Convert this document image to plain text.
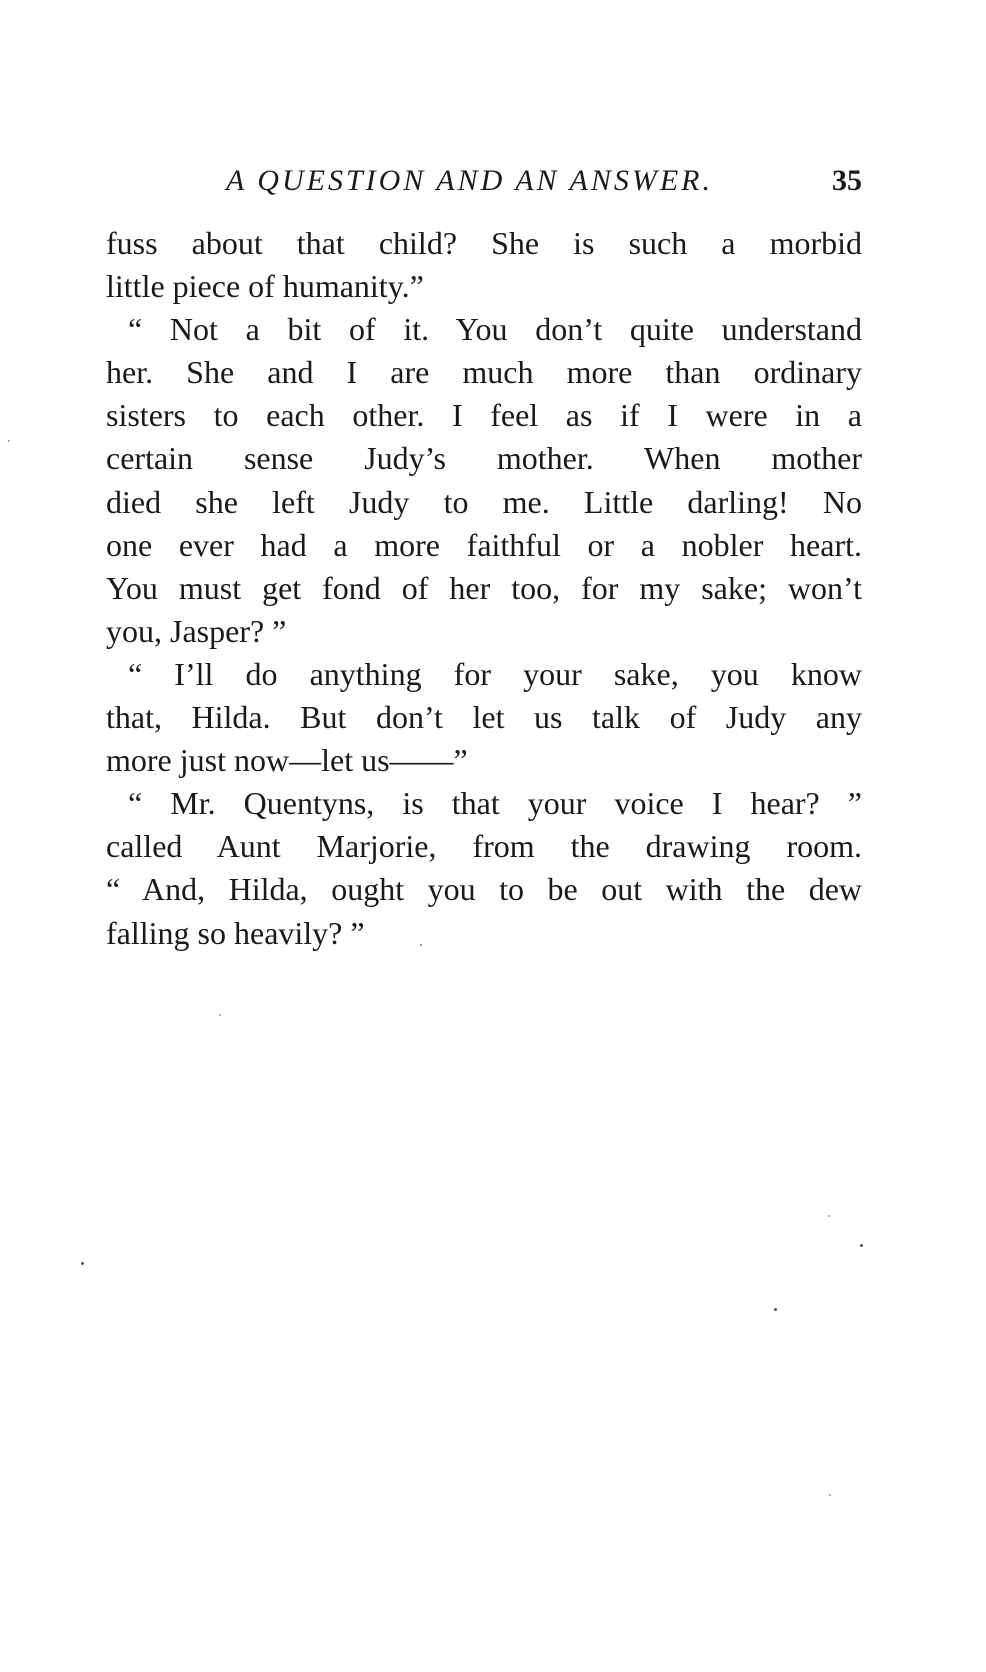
A QUESTION AND AN ANSWER.	35
fuss about that child? She is such a morbid
little piece of humanity.”
“ Not a bit of it. You don’t quite understand
her. She and I are much more than ordinary
sisters to each other. I feel as if I were in a
certain sense Judy’s mother. When mother
died she left Judy to me. Little darling! No
one ever had a more faithful or a nobler heart.
You must get fond of her too, for my sake; won’t
you, Jasper? ”
“ I’ll do anything for your sake, you know
that, Hilda. But don’t let us talk of Judy any
more just now—let us——”
“ Mr. Quentyns, is that your voice I hear? ”
called Aunt Marjorie, from the drawing room.
“ And, Hilda, ought you to be out with the dew
falling so heavily? ”
